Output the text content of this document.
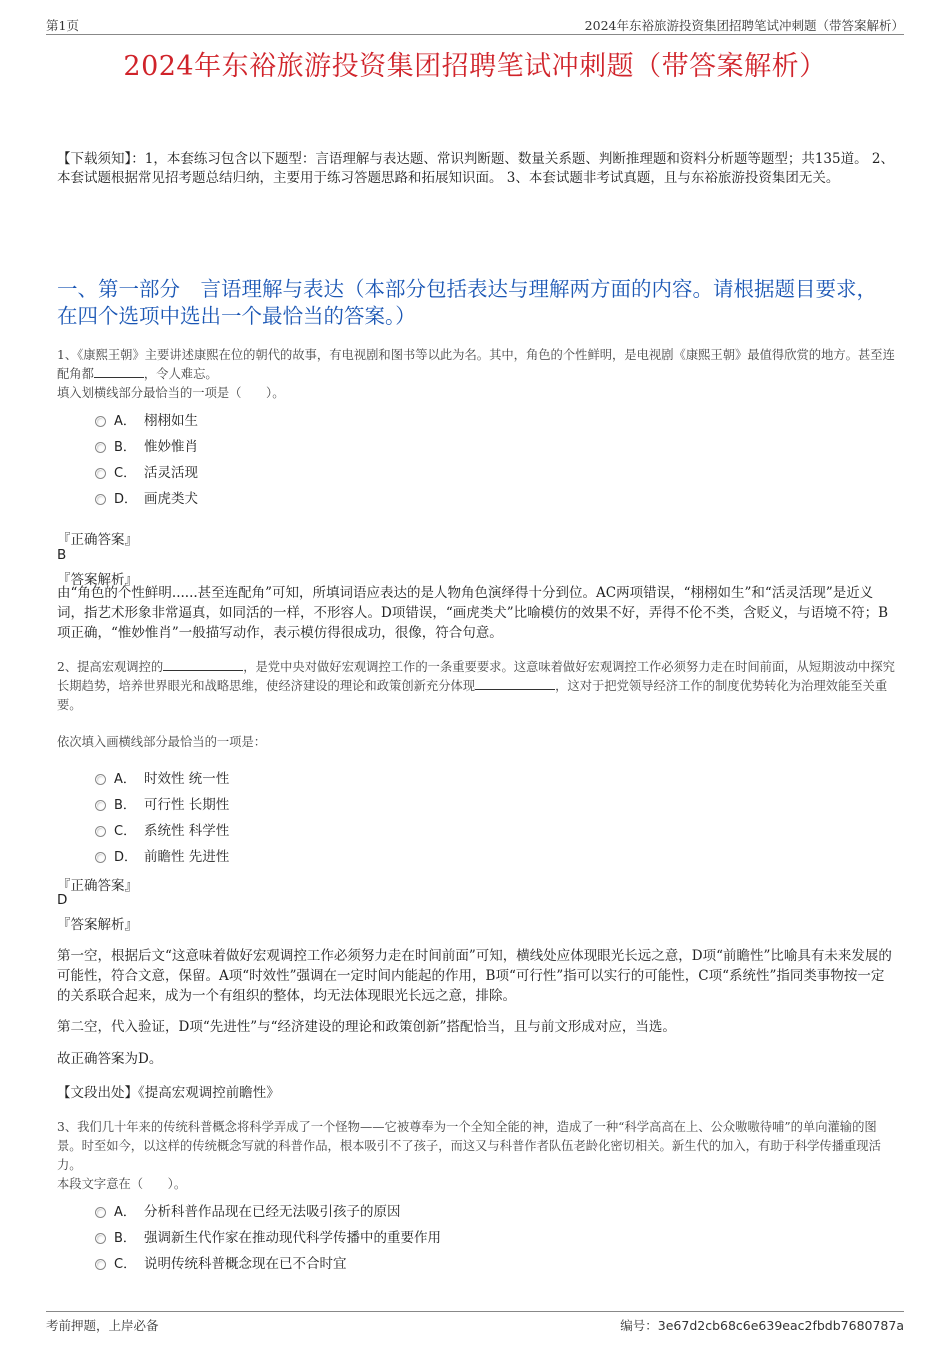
第1页	2024年东裕旅游投资集团招聘笔试冲刺题（带答案解析）
2024年东裕旅游投资集团招聘笔试冲刺题（带答案解析）
【下载须知】：1，本套练习包含以下题型：言语理解与表达题、常识判断题、数量关系题、判断推理题和资料分析题等题型；共135道。 2、本套试题根据常见招考题总结归纳，主要用于练习答题思路和拓展知识面。 3、本套试题非考试真题，且与东裕旅游投资集团无关。
一、第一部分　言语理解与表达（本部分包括表达与理解两方面的内容。请根据题目要求，在四个选项中选出一个最恰当的答案。）
1、《康熙王朝》主要讲述康熙在位的朝代的故事，有电视剧和图书等以此为名。其中，角色的个性鲜明，是电视剧《康熙王朝》最值得欣赏的地方。甚至连配角都	，令人难忘。
填入划横线部分最恰当的一项是（　　）。
A． 栩栩如生
B． 惟妙惟肖
C． 活灵活现
D． 画虎类犬
『正确答案』
B
『答案解析』
由“角色的个性鲜明......甚至连配角”可知，所填词语应表达的是人物角色演绎得十分到位。AC两项错误，“栩栩如生”和“活灵活现”是近义词，指艺术形象非常逼真，如同活的一样，不形容人。D项错误，“画虎类犬”比喻模仿的效果不好，弄得不伦不类，含贬义，与语境不符；B项正确，“惟妙惟肖”一般描写动作，表示模仿得很成功，很像，符合句意。
2、提高宏观调控的	，是党中央对做好宏观调控工作的一条重要要求。这意味着做好宏观调控工作必须努力走在时间前面，从短期波动中探究长期趋势，培养世界眼光和战略思维，使经济建设的理论和政策创新充分体现	，这对于把党领导经济工作的制度优势转化为治理效能至关重要。
依次填入画横线部分最恰当的一项是：
A． 时效性 统一性
B． 可行性 长期性
C． 系统性 科学性
D． 前瞻性 先进性
『正确答案』
D
『答案解析』
第一空，根据后文“这意味着做好宏观调控工作必须努力走在时间前面”可知，横线处应体现眼光长远之意，D项“前瞻性”比喻具有未来发展的可能性，符合文意，保留。A项“时效性”强调在一定时间内能起的作用，B项“可行性”指可以实行的可能性，C项“系统性”指同类事物按一定的关系联合起来，成为一个有组织的整体，均无法体现眼光长远之意，排除。
第二空，代入验证，D项“先进性”与“经济建设的理论和政策创新”搭配恰当，且与前文形成对应，当选。
故正确答案为D。
【文段出处】《提高宏观调控前瞻性》
3、我们几十年来的传统科普概念将科学弄成了一个怪物——它被尊奉为一个全知全能的神，造成了一种“科学高高在上、公众嗷嗷待哺”的单向灌输的图景。时至如今，以这样的传统概念写就的科普作品，根本吸引不了孩子，而这又与科普作者队伍老龄化密切相关。新生代的加入，有助于科学传播重现活力。
本段文字意在（　　）。
A． 分析科普作品现在已经无法吸引孩子的原因
B． 强调新生代作家在推动现代科学传播中的重要作用
C． 说明传统科普概念现在已不合时宜
考前押题，上岸必备	编号：3e67d2cb68c6e639eac2fbdb7680787a
